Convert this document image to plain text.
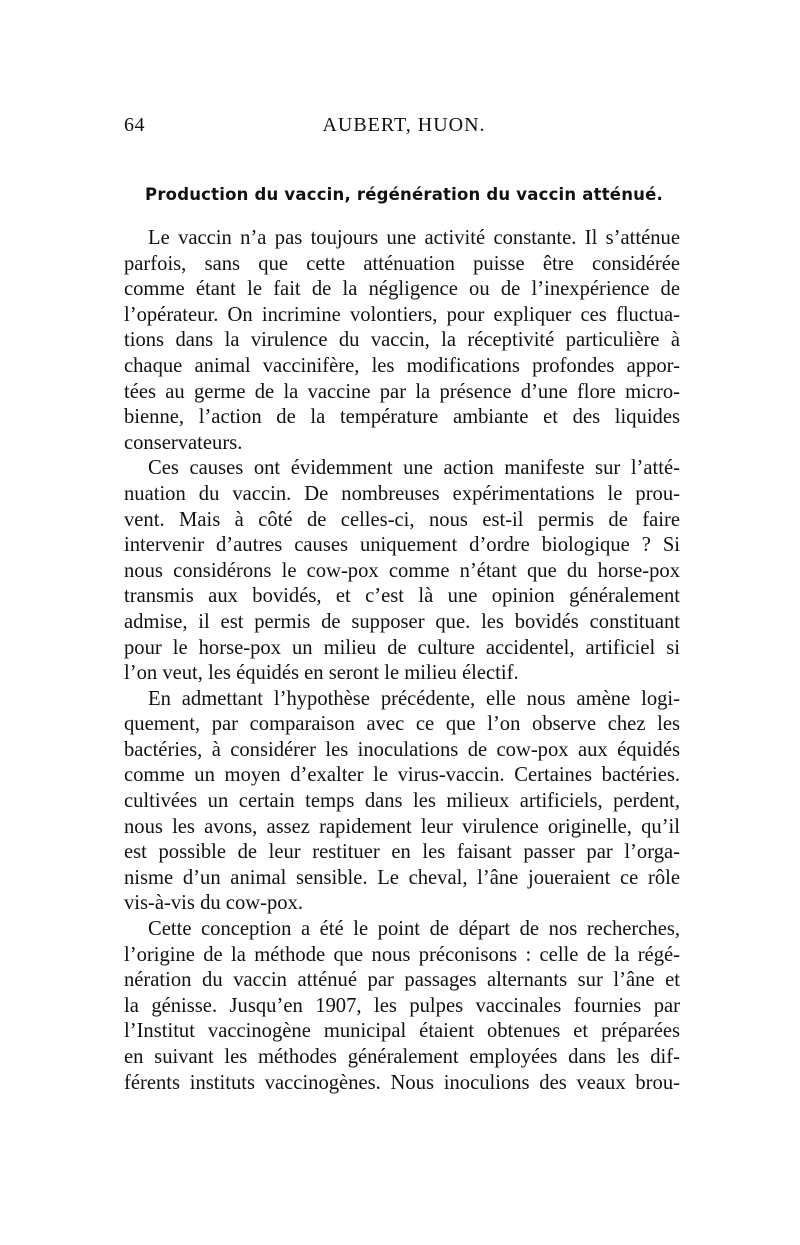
64	AUBERT, HUON.
Production du vaccin, régénération du vaccin atténué.
Le vaccin n’a pas toujours une activité constante. Il s’atténue
parfois, sans que cette atténuation puisse être considérée
comme étant le fait de la négligence ou de l’inexpérience de
l’opérateur. On incrimine volontiers, pour expliquer ces fluctua-
tions dans la virulence du vaccin, la réceptivité particulière à
chaque animal vaccinifère, les modifications profondes appor-
tées au germe de la vaccine par la présence d’une flore micro-
bienne, l’action de la température ambiante et des liquides
conservateurs.
Ces causes ont évidemment une action manifeste sur l’atté-
nuation du vaccin. De nombreuses expérimentations le prou-
vent. Mais à côté de celles-ci, nous est-il permis de faire
intervenir d’autres causes uniquement d’ordre biologique ? Si
nous considérons le cow-pox comme n’étant que du horse-pox
transmis aux bovidés, et c’est là une opinion généralement
admise, il est permis de supposer que. les bovidés constituant
pour le horse-pox un milieu de culture accidentel, artificiel si
l’on veut, les équidés en seront le milieu électif.
En admettant l’hypothèse précédente, elle nous amène logi-
quement, par comparaison avec ce que l’on observe chez les
bactéries, à considérer les inoculations de cow-pox aux équidés
comme un moyen d’exalter le virus-vaccin. Certaines bactéries.
cultivées un certain temps dans les milieux artificiels, perdent,
nous les avons, assez rapidement leur virulence originelle, qu’il
est possible de leur restituer en les faisant passer par l’orga-
nisme d’un animal sensible. Le cheval, l’âne joueraient ce rôle
vis-à-vis du cow-pox.
Cette conception a été le point de départ de nos recherches,
l’origine de la méthode que nous préconisons : celle de la régé-
nération du vaccin atténué par passages alternants sur l’âne et
la génisse. Jusqu’en 1907, les pulpes vaccinales fournies par
l’Institut vaccinogène municipal étaient obtenues et préparées
en suivant les méthodes généralement employées dans les dif-
férents instituts vaccinogènes. Nous inoculions des veaux brou-
